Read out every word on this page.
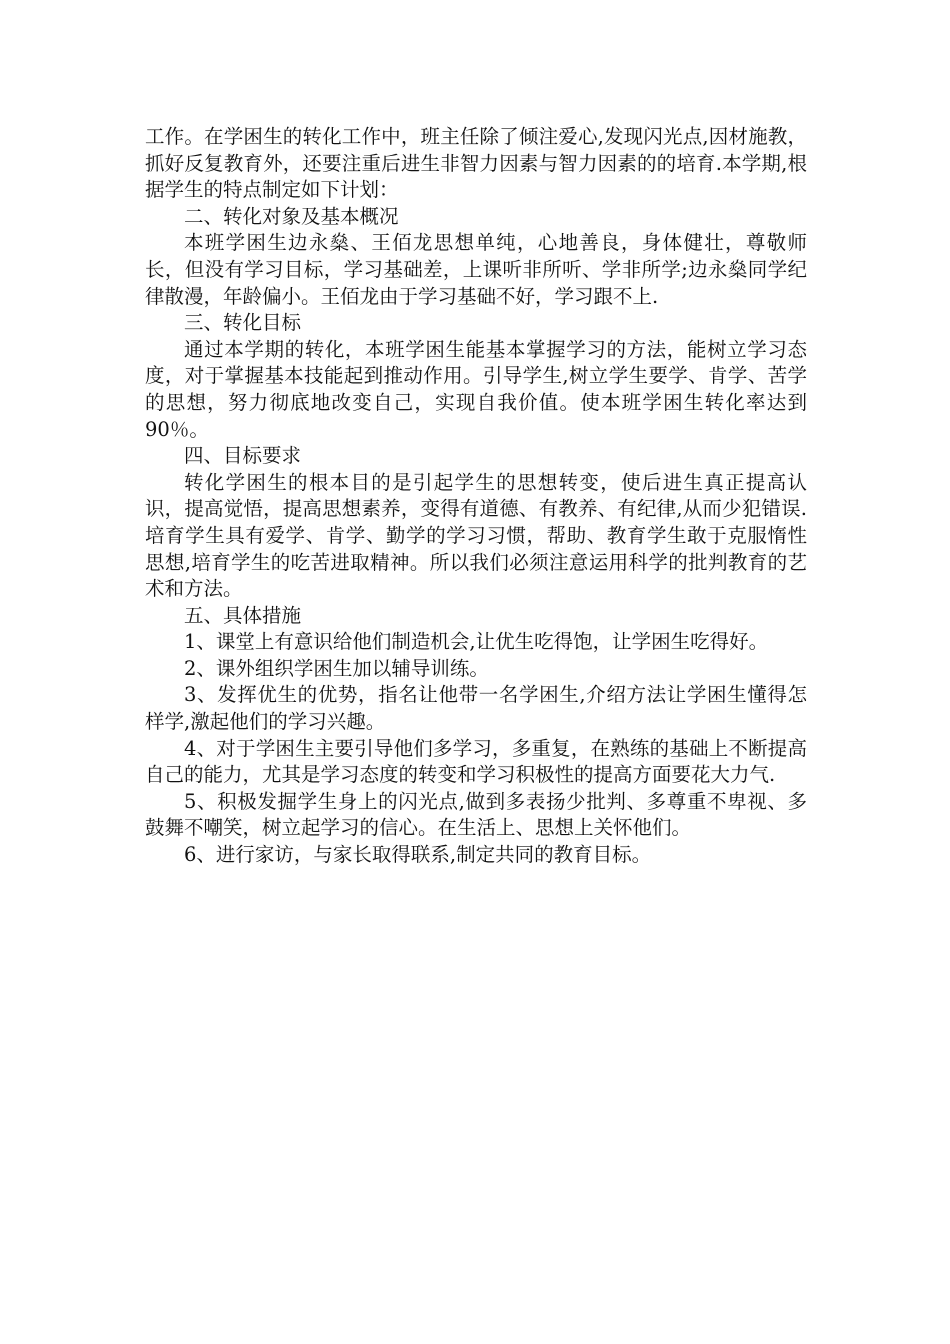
工作。在学困生的转化工作中，班主任除了倾注爱心,发现闪光点,因材施教，抓好反复教育外，还要注重后进生非智力因素与智力因素的的培育.本学期,根据学生的特点制定如下计划：

二、转化对象及基本概况

本班学困生边永燊、王佰龙思想单纯，心地善良，身体健壮，尊敬师长，但没有学习目标，学习基础差，上课听非所听、学非所学;边永燊同学纪律散漫，年龄偏小。王佰龙由于学习基础不好，学习跟不上.

三、转化目标

通过本学期的转化，本班学困生能基本掌握学习的方法，能树立学习态度，对于掌握基本技能起到推动作用。引导学生,树立学生要学、肯学、苦学的思想，努力彻底地改变自己，实现自我价值。使本班学困生转化率达到90％。

四、目标要求

转化学困生的根本目的是引起学生的思想转变，使后进生真正提高认识，提高觉悟，提高思想素养，变得有道德、有教养、有纪律,从而少犯错误.培育学生具有爱学、肯学、勤学的学习习惯，帮助、教育学生敢于克服惰性思想,培育学生的吃苦进取精神。所以我们必须注意运用科学的批判教育的艺术和方法。

五、具体措施

1、课堂上有意识给他们制造机会,让优生吃得饱，让学困生吃得好。

2、课外组织学困生加以辅导训练。

3、发挥优生的优势，指名让他带一名学困生,介绍方法让学困生懂得怎样学,激起他们的学习兴趣。

4、对于学困生主要引导他们多学习，多重复，在熟练的基础上不断提高自己的能力，尤其是学习态度的转变和学习积极性的提高方面要花大力气.

5、积极发掘学生身上的闪光点,做到多表扬少批判、多尊重不卑视、多鼓舞不嘲笑，树立起学习的信心。在生活上、思想上关怀他们。

6、进行家访，与家长取得联系,制定共同的教育目标。
